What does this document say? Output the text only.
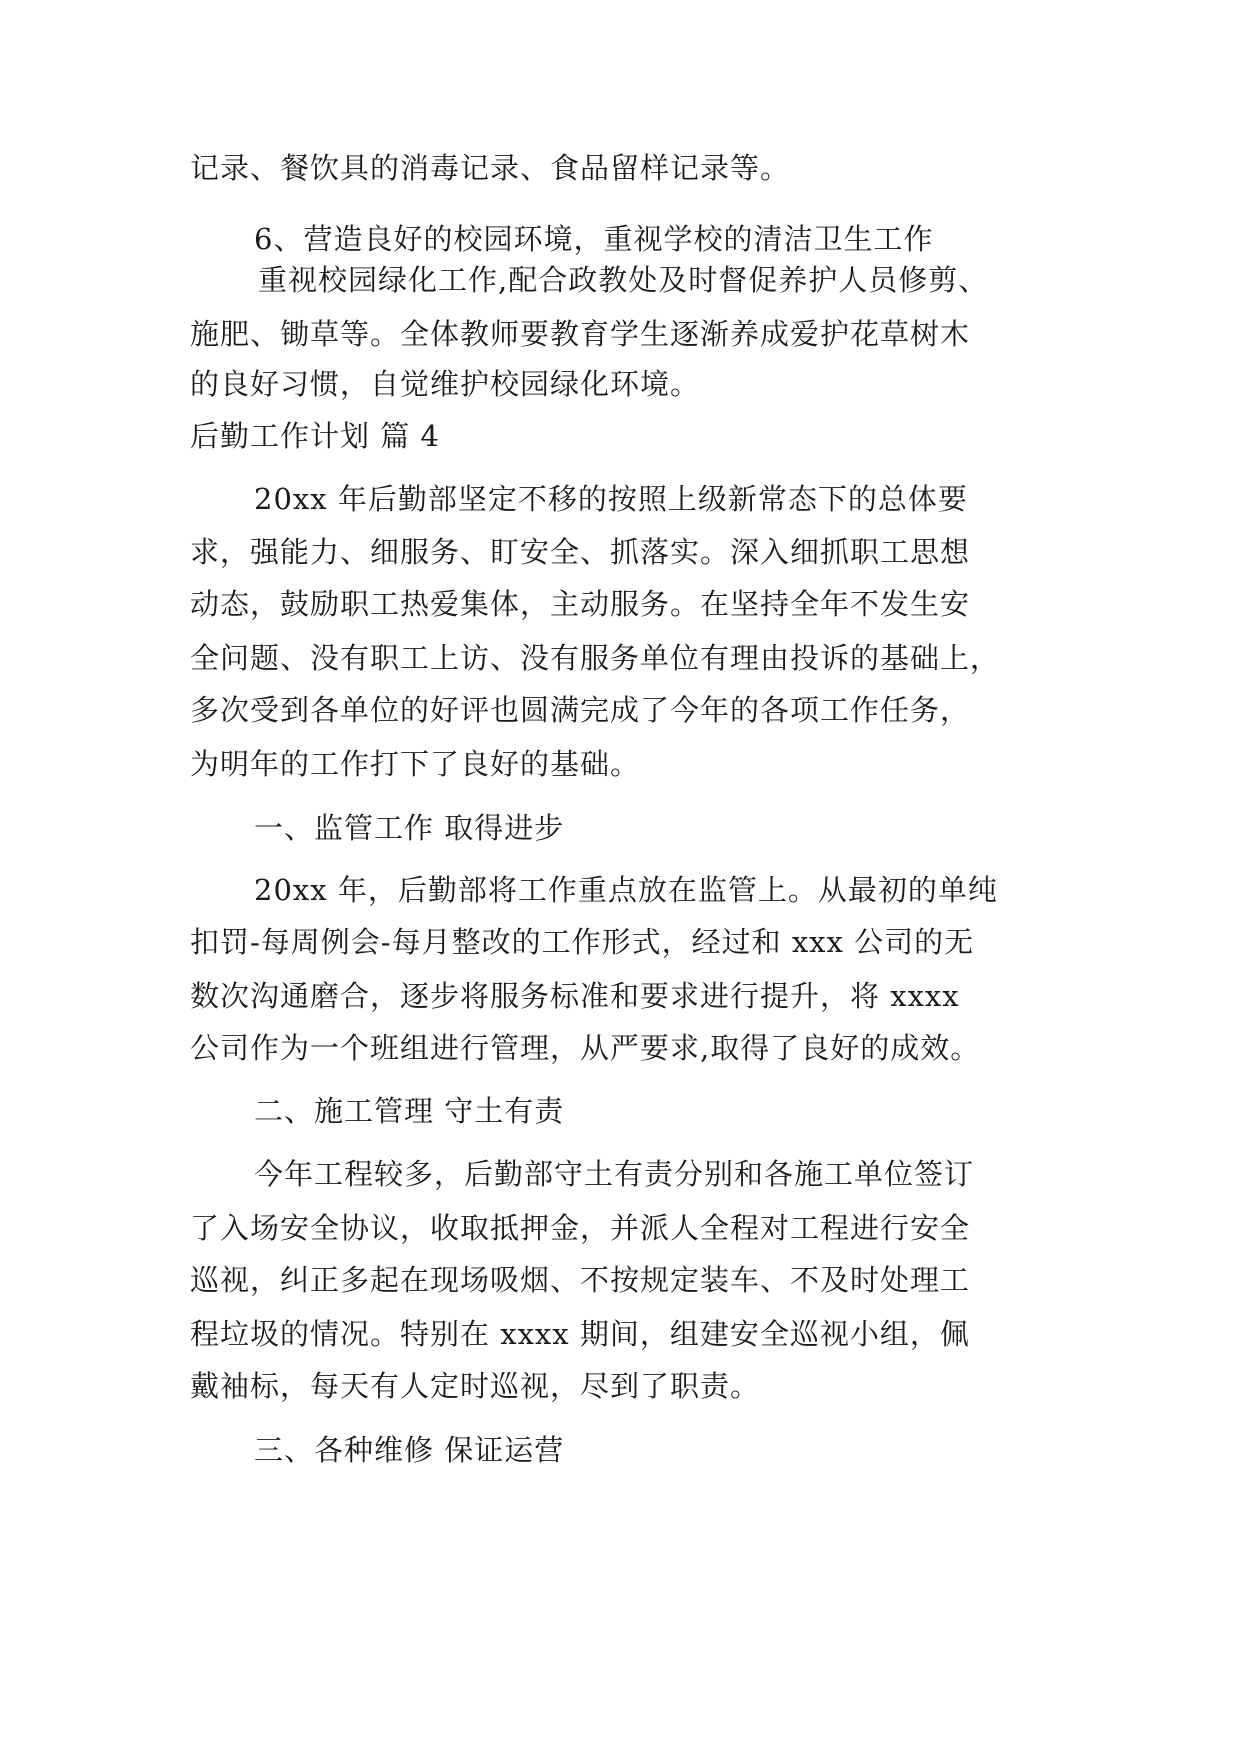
记录、餐饮具的消毒记录、食品留样记录等。
6、营造良好的校园环境，重视学校的清洁卫生工作
重视校园绿化工作,配合政教处及时督促养护人员修剪、
施肥、锄草等。全体教师要教育学生逐渐养成爱护花草树木
的良好习惯，自觉维护校园绿化环境。
后勤工作计划 篇 4
20xx 年后勤部坚定不移的按照上级新常态下的总体要
求，强能力、细服务、盯安全、抓落实。深入细抓职工思想
动态，鼓励职工热爱集体，主动服务。在坚持全年不发生安
全问题、没有职工上访、没有服务单位有理由投诉的基础上，
多次受到各单位的好评也圆满完成了今年的各项工作任务，
为明年的工作打下了良好的基础。
一、监管工作 取得进步
20xx 年，后勤部将工作重点放在监管上。从最初的单纯
扣罚-每周例会-每月整改的工作形式，经过和 xxx 公司的无
数次沟通磨合，逐步将服务标准和要求进行提升，将 xxxx
公司作为一个班组进行管理，从严要求,取得了良好的成效。
二、施工管理 守土有责
今年工程较多，后勤部守土有责分别和各施工单位签订
了入场安全协议，收取抵押金，并派人全程对工程进行安全
巡视，纠正多起在现场吸烟、不按规定装车、不及时处理工
程垃圾的情况。特别在 xxxx 期间，组建安全巡视小组，佩
戴袖标，每天有人定时巡视，尽到了职责。
三、各种维修 保证运营
